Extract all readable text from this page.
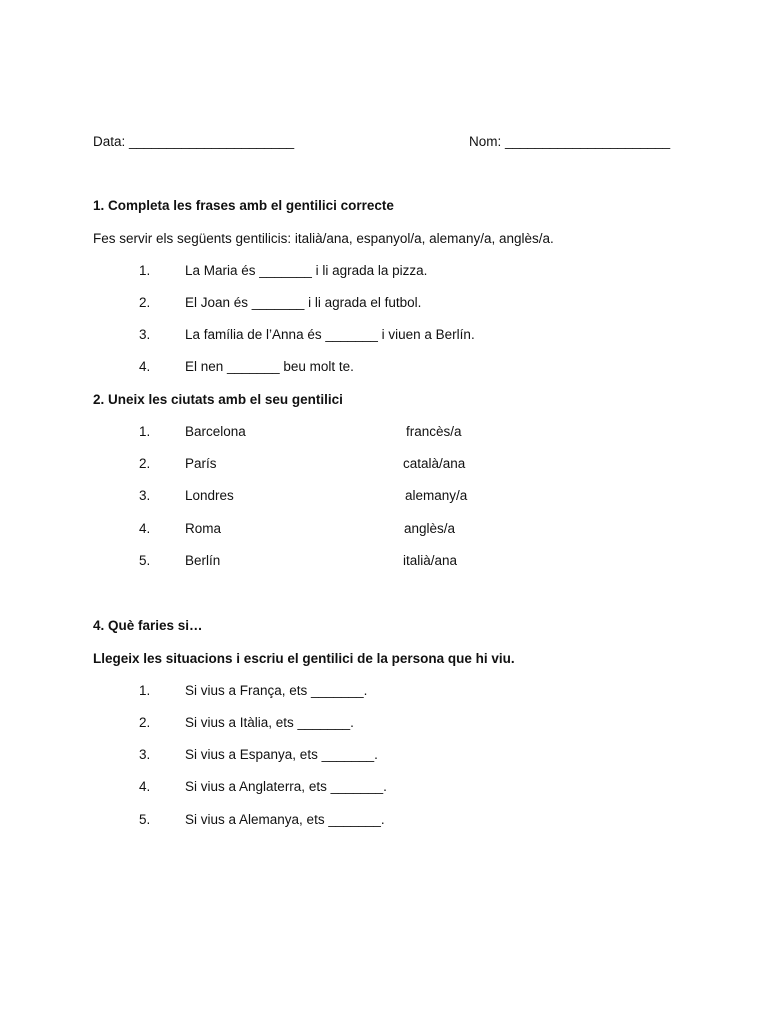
Data: ______________________	Nom: ______________________
1. Completa les frases amb el gentilici correcte
Fes servir els següents gentilicis: italià/ana, espanyol/a, alemany/a, anglès/a.
1.	La Maria és _______ i li agrada la pizza.
2.	El Joan és _______ i li agrada el futbol.
3.	La família de l’Anna és _______ i viuen a Berlín.
4.	El nen _______ beu molt te.
2. Uneix les ciutats amb el seu gentilici
1.	Barcelona	francès/a
2.	París	català/ana
3.	Londres	alemany/a
4.	Roma	anglès/a
5.	Berlín	italià/ana
4. Què faries si…
Llegeix les situacions i escriu el gentilici de la persona que hi viu.
1.	Si vius a França, ets _______.
2.	Si vius a Itàlia, ets _______.
3.	Si vius a Espanya, ets _______.
4.	Si vius a Anglaterra, ets _______.
5.	Si vius a Alemanya, ets _______.
